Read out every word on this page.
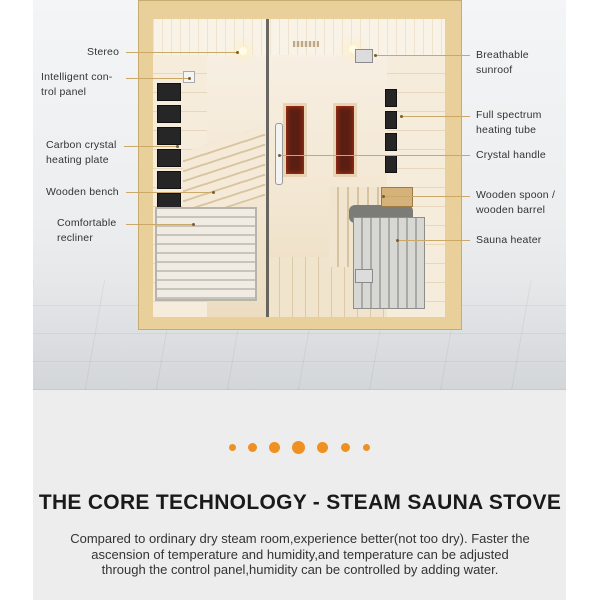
Stereo
Intelligent con-
trol panel
Carbon crystal
heating plate
Wooden bench
Comfortable
recliner
Breathable
sunroof
Full spectrum
heating tube
Crystal handle
Wooden spoon /
wooden barrel
Sauna heater
THE CORE TECHNOLOGY - STEAM SAUNA STOVE
Compared to ordinary dry steam room,experience better(not too dry). Faster the ascension of temperature and humidity,and temperature can be adjusted through the control panel,humidity can be controlled by adding water.
